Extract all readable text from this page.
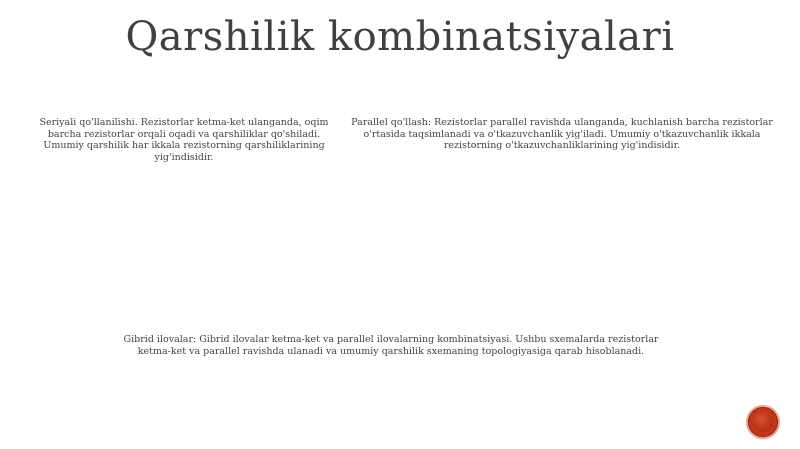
Qarshilik kombinatsiyalari
Seriyali qo'llanilishi. Rezistorlar ketma-ket ulanganda, oqim barcha rezistorlar orqali oqadi va qarshiliklar qo'shiladi. Umumiy qarshilik har ikkala rezistorning qarshiliklarining yig'indisidir.
Parallel qo'llash: Rezistorlar parallel ravishda ulanganda, kuchlanish barcha rezistorlar o'rtasida taqsimlanadi va o'tkazuvchanlik yig'iladi. Umumiy o'tkazuvchanlik ikkala rezistorning o'tkazuvchanliklarining yig'indisidir.
Gibrid ilovalar: Gibrid ilovalar ketma-ket va parallel ilovalarning kombinatsiyasi. Ushbu sxemalarda rezistorlar ketma-ket va parallel ravishda ulanadi va umumiy qarshilik sxemaning topologiyasiga qarab hisoblanadi.
